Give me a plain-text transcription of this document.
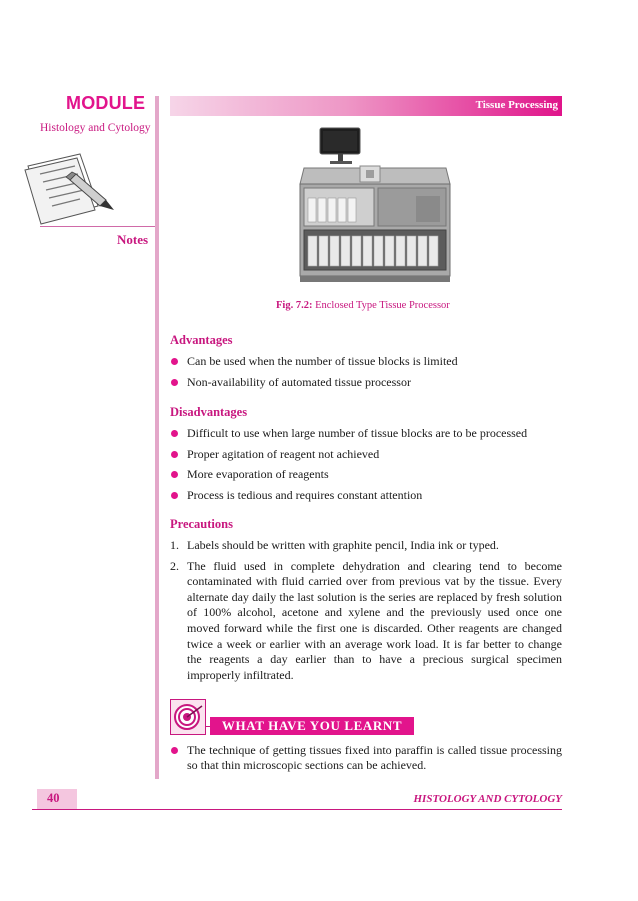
MODULE
Histology and Cytology
Notes
Tissue Processing
Fig. 7.2: Enclosed Type Tissue Processor
Advantages
Can be used when the number of tissue blocks is limited
Non-availability of automated tissue processor
Disadvantages
Difficult to use when large number of tissue blocks are to be processed
Proper agitation of reagent not achieved
More evaporation of reagents
Process is tedious and requires constant attention
Precautions
1. Labels should be written with graphite pencil, India ink or typed.
2. The fluid used in complete dehydration and clearing tend to become contaminated with fluid carried over from previous vat by the tissue. Every alternate day daily the last solution is the series are replaced by fresh solution of 100% alcohol, acetone and xylene and the previously used once one moved forward while the first one is discarded. Other reagents are changed twice a week or earlier with an average work load. It is far better to change the reagents a day earlier than to have a precious surgical specimen improperly infiltrated.
WHAT HAVE YOU LEARNT
The technique of getting tissues fixed into paraffin is called tissue processing so that thin microscopic sections can be achieved.
40	HISTOLOGY AND CYTOLOGY
